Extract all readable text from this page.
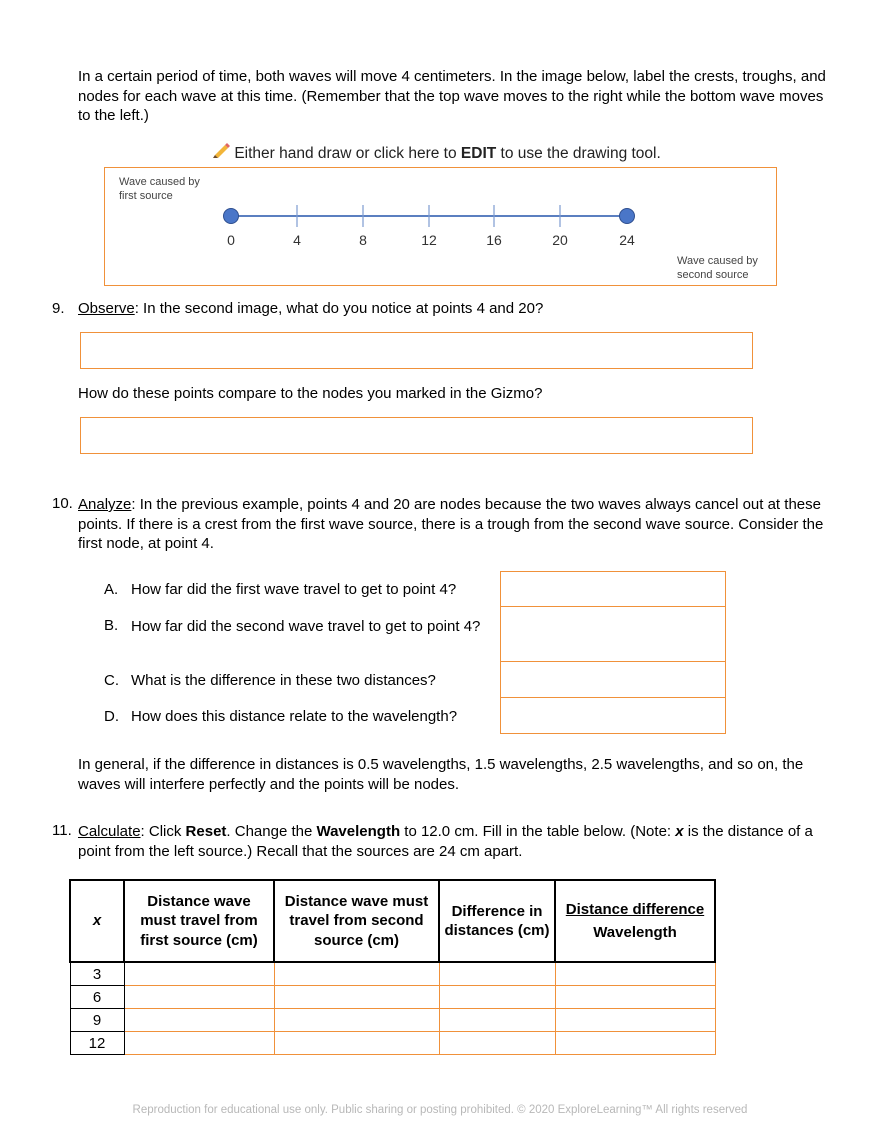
In a certain period of time, both waves will move 4 centimeters. In the image below, label the crests, troughs, and nodes for each wave at this time. (Remember that the top wave moves to the right while the bottom wave moves to the left.)
Either hand draw or click here to EDIT to use the drawing tool.
Wave caused by
first source
Wave caused by
second source
0	4	8	12	16	20	24
9. Observe: In the second image, what do you notice at points 4 and 20?
How do these points compare to the nodes you marked in the Gizmo?
10. Analyze: In the previous example, points 4 and 20 are nodes because the two waves always cancel out at these points. If there is a crest from the first wave source, there is a trough from the second wave source. Consider the first node, at point 4.
A. How far did the first wave travel to get to point 4?
B. How far did the second wave travel to get to point 4?
C. What is the difference in these two distances?
D. How does this distance relate to the wavelength?
In general, if the difference in distances is 0.5 wavelengths, 1.5 wavelengths, 2.5 wavelengths, and so on, the waves will interfere perfectly and the points will be nodes.
11. Calculate: Click Reset. Change the Wavelength to 12.0 cm. Fill in the table below. (Note: x is the distance of a point from the left source.) Recall that the sources are 24 cm apart.
x	Distance wave must travel from first source (cm)	Distance wave must travel from second source (cm)	Difference in distances (cm)	Distance difference
Wavelength

3				
6				
9				
12				
Reproduction for educational use only. Public sharing or posting prohibited. © 2020 ExploreLearning™ All rights reserved
